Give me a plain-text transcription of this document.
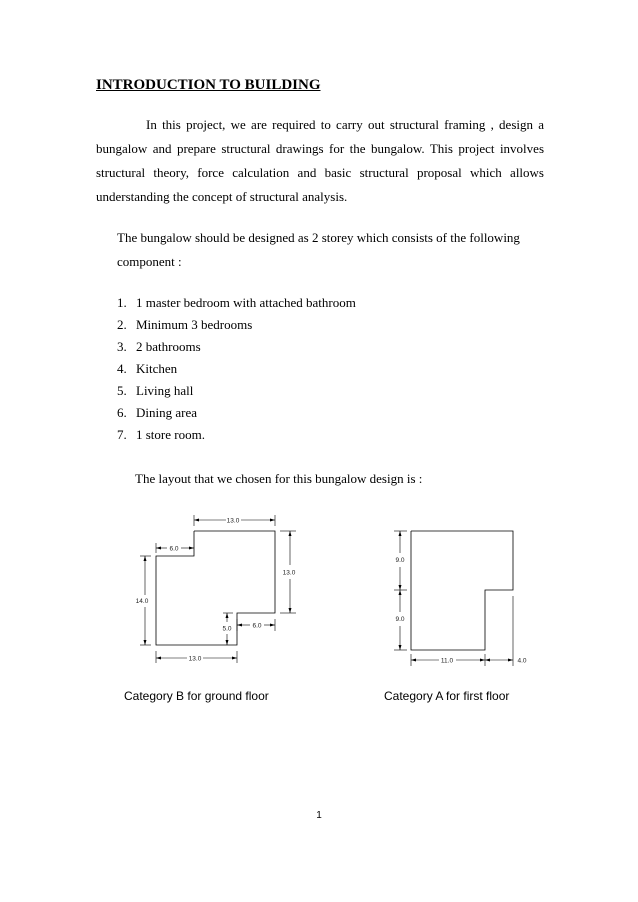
INTRODUCTION TO BUILDING
In this project, we are required to carry out structural framing , design a bungalow and prepare structural drawings for the bungalow. This project involves structural theory, force calculation and basic structural proposal which allows understanding the concept of structural analysis.
The bungalow should be designed as 2 storey which consists of the following component :
1. 1 master bedroom with attached bathroom
2. Minimum 3 bedrooms
3. 2 bathrooms
4. Kitchen
5. Living hall
6. Dining area
7. 1 store room.
The layout that we chosen for this bungalow design is :
13.0
6.0
13.0
14.0
5.0	6.0
13.0
9.0
9.0
11.0	4.0
Category B for ground floor	Category A for first floor
1
